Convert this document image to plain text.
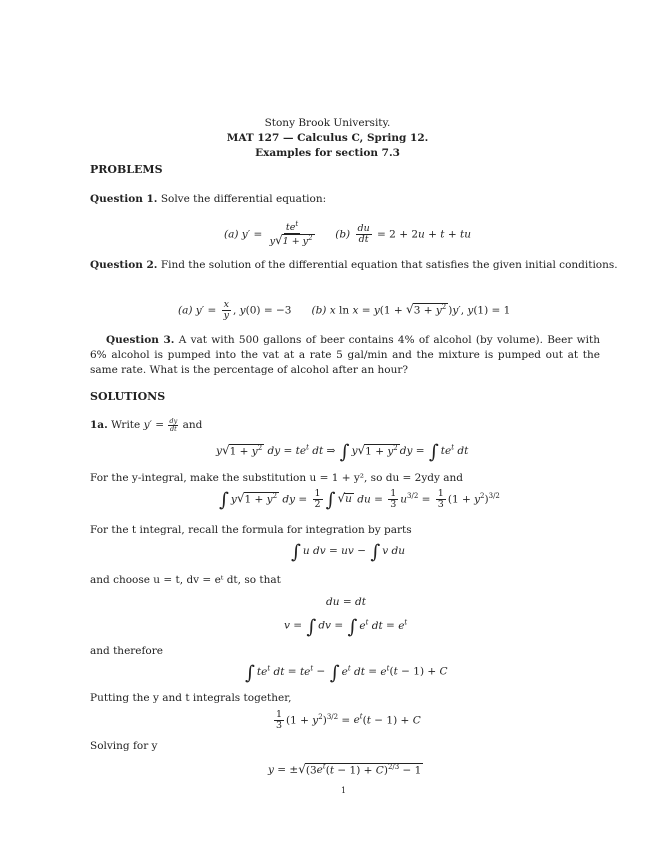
Stony Brook University.
MAT 127 — Calculus C, Spring 12.
Examples for section 7.3
PROBLEMS
Question 1. Solve the differential equation:
(a) $y' = \frac{te^t}{y√1 + y^2} (b) \frac{du}{dt} = 2 + 2u + t$ + tu
Question 2. Find the solution of the differential equation that satisfies the given initial conditions.
(a) $y' = \frac{x}{y}$ , y(0) = −3      (b) x $\ln x = y(1 + √3 + y^2$ )y′, y(1) = 1
Question 3. A vat with 500 gallons of beer contains 4% of alcohol (by volume). Beer with 6% alcohol is pumped into the vat at a rate 5 gal/min and the mixture is pumped out at the same rate. What is the percentage of alcohol after an hour?
SOLUTIONS
1a. Write $y' = \frac{dy}{dt}$ and
$y√1 + y^2$ dy = $te^t$ dt ⇒ ∫ $y√1 + y^2$ dy = ∫ $te^t$ dt
For the y-integral, make the substitution u = 1 + y², so du = 2ydy and
∫ $y√1 + y^2$ dy = $\frac{1}{2}$ ∫ √u du = $\frac{1}{3} u^{3/2} = \frac{1}{3} (1 + y^2)^{3/2}$
For the t integral, recall the formula for integration by parts
∫ u dv = uv − ∫ v du
and choose u = t, dv = eᵗ dt, so that
du = dt
v = ∫ dv = ∫ $e^t$ dt = $e^t$
and therefore
∫ $te^t$ dt = $te^t$ − ∫ $e^t$ dt = $e^t(t - 1) + C$
Putting the y and t integrals together,
$\frac{1}{3} (1 + y^2)^{3/2} = e^t(t - 1) + C$
Solving for y
$y = \pm√(3e^t(t - 1) + C)^{2/3} - 1$
1
